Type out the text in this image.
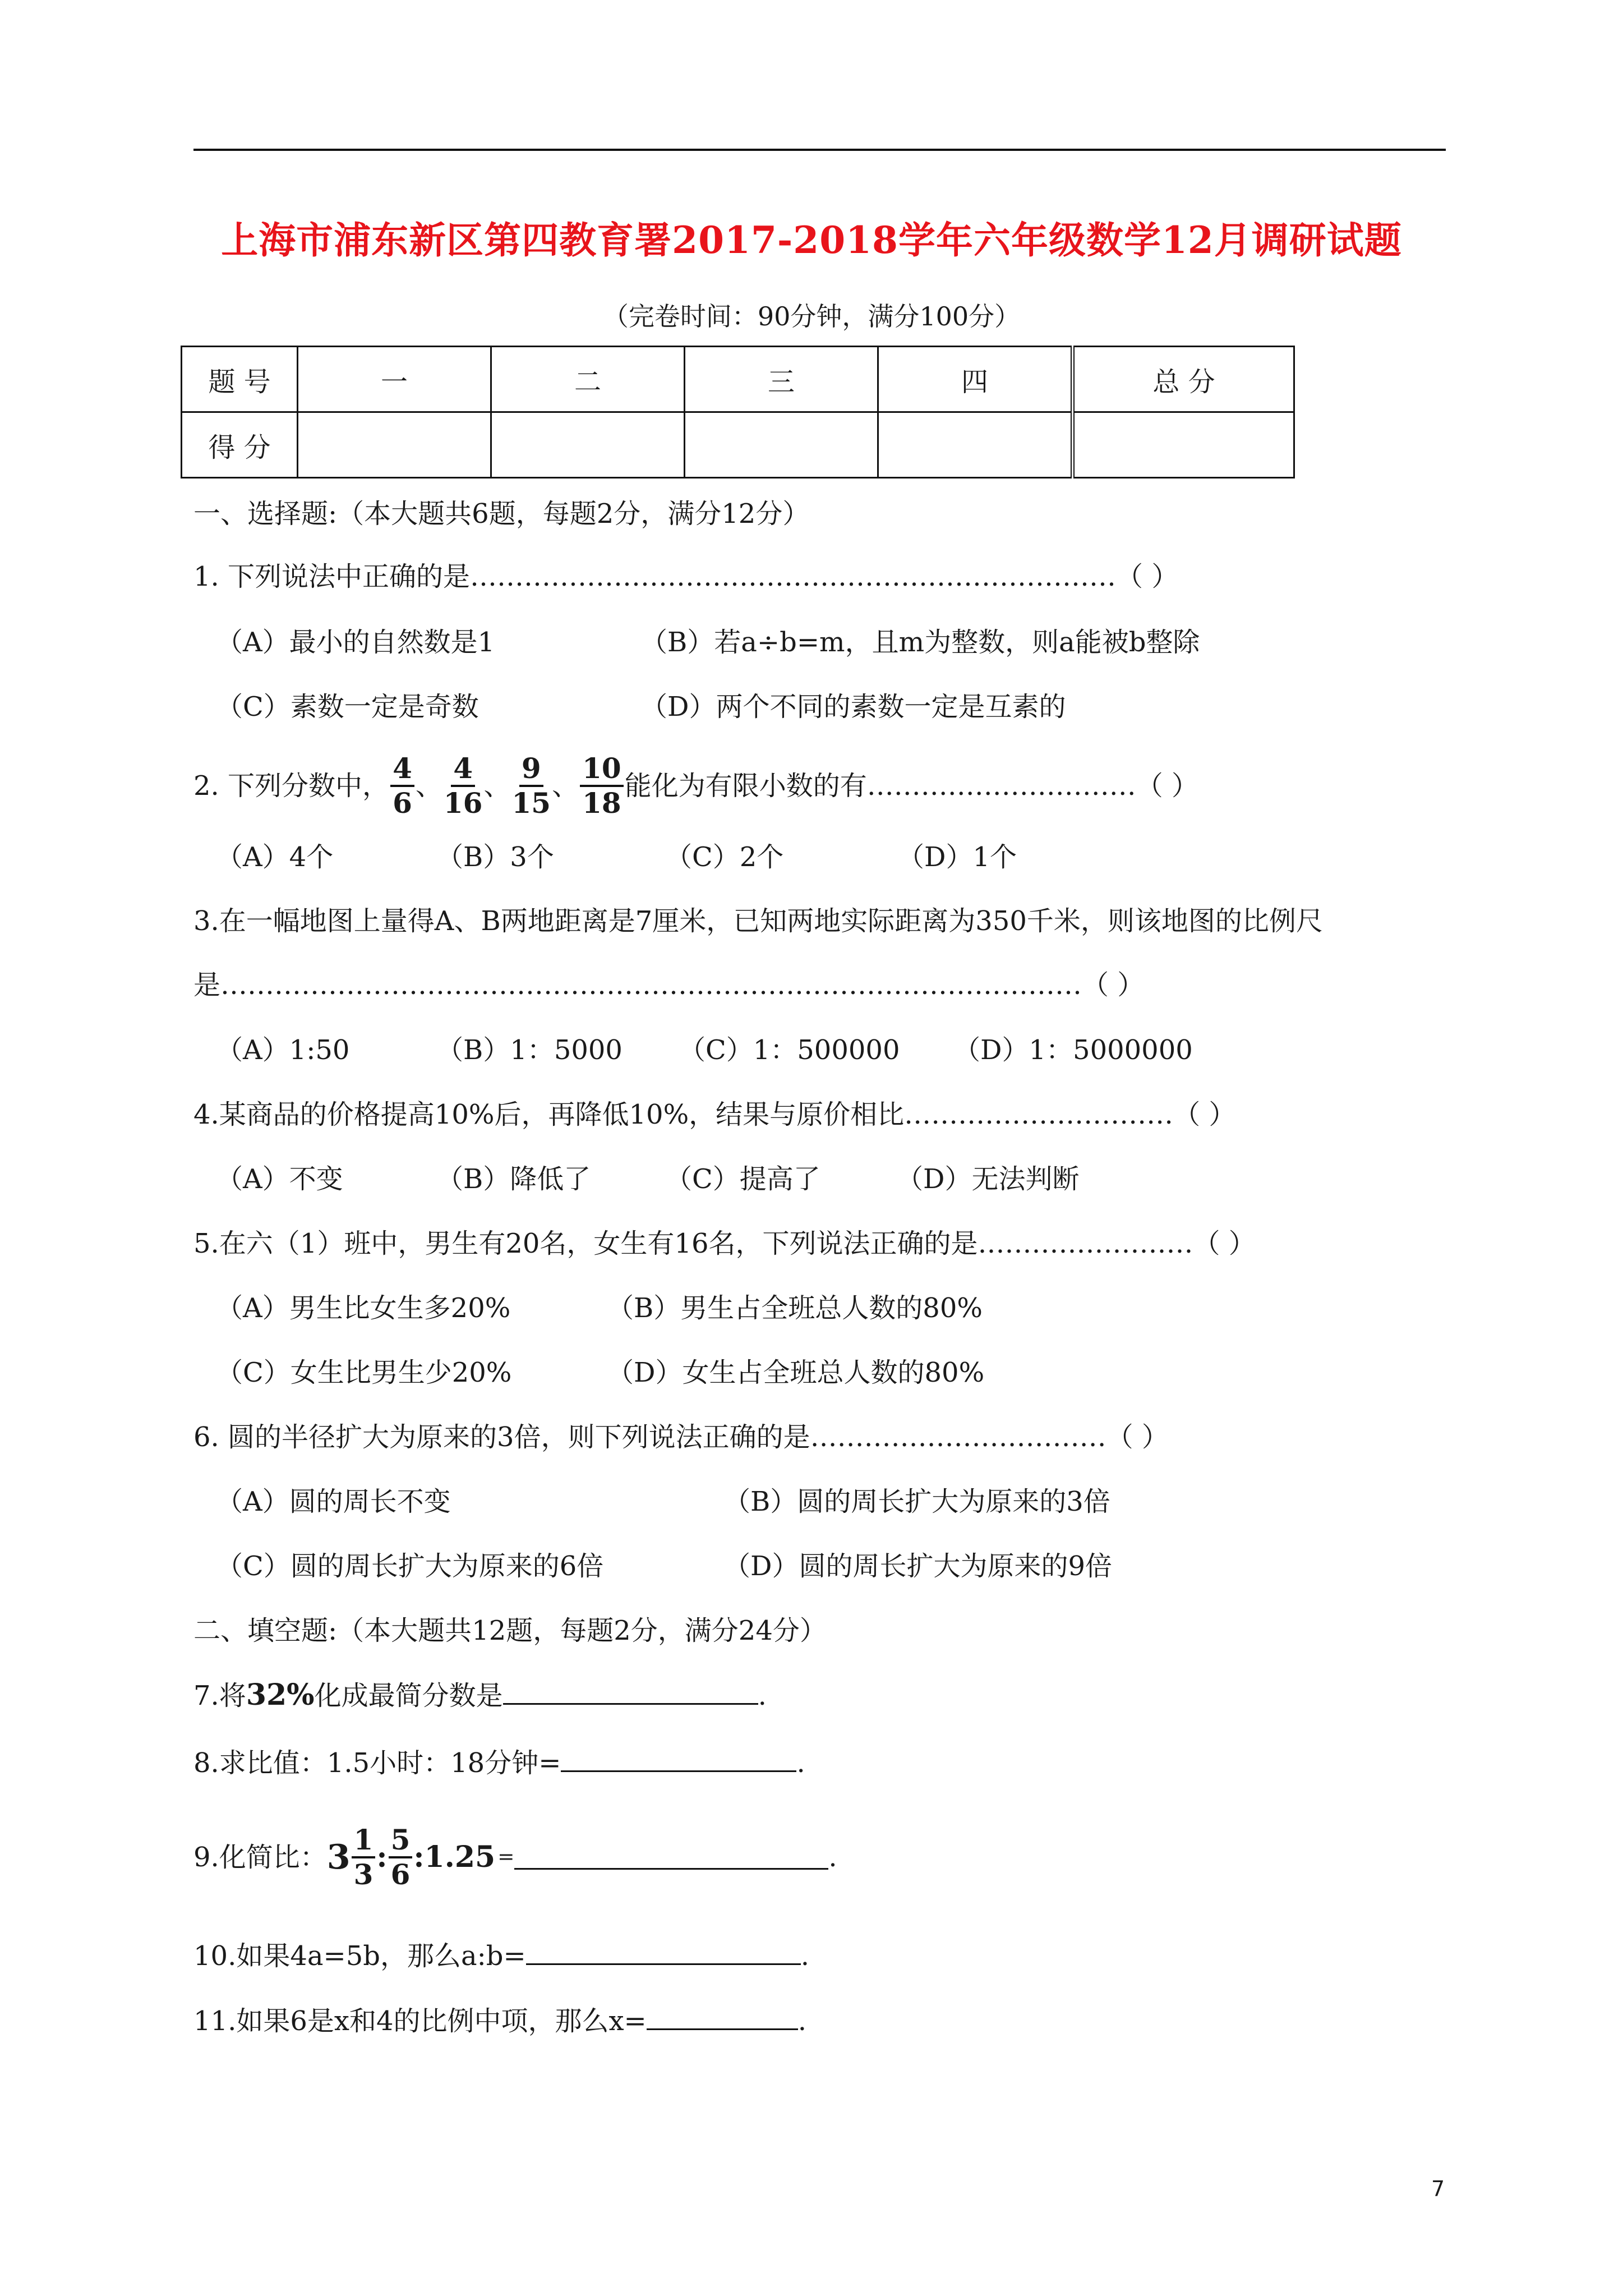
上海市浦东新区第四教育署2017-2018学年六年级数学12月调研试题
（完卷时间：90分钟，满分100分）
题 号	一	二	三	四	总 分
得 分					
一、选择题:（本大题共6题，每题2分，满分12分）
1. 下列说法中正确的是………………………………………………………………（ ）
（A）最小的自然数是1	（B）若a÷b=m，且m为整数，则a能被b整除
（C）素数一定是奇数	（D）两个不同的素数一定是互素的
2. 下列分数中， $\frac{4}{6}$ 、 $\frac{4}{16}$ 、 $\frac{9}{15}$ 、 $\frac{10}{18}$ 能化为有限小数的有…………………………（ ）
（A）4个	（B）3个	（C）2个	（D）1个
3.在一幅地图上量得A、B两地距离是7厘米，已知两地实际距离为350千米，则该地图的比例尺
是……………………………………………………………………………………（ ）
（A）1:50	（B）1：5000 （C）1：500000 （D）1：5000000
4.某商品的价格提高10%后，再降低10%，结果与原价相比…………………………（ ）
（A）不变	（B）降低了	（C）提高了	（D）无法判断
5.在六（1）班中，男生有20名，女生有16名，下列说法正确的是……………………（ ）
（A）男生比女生多20%	（B）男生占全班总人数的80%
（C）女生比男生少20%	（D）女生占全班总人数的80%
6. 圆的半径扩大为原来的3倍，则下列说法正确的是……………………………（ ）
（A）圆的周长不变	（B）圆的周长扩大为原来的3倍
（C）圆的周长扩大为原来的6倍	（D）圆的周长扩大为原来的9倍
二、填空题:（本大题共12题，每题2分，满分24分）
7.将32%化成最简分数是	.
8.求比值：1.5小时：18分钟=	.
9.化简比： $3 \frac{1}{3}$ : $\frac{5}{6}$ :1.25 =	.
10.如果4a=5b，那么a:b=	.
11.如果6是x和4的比例中项，那么x=	.
7
